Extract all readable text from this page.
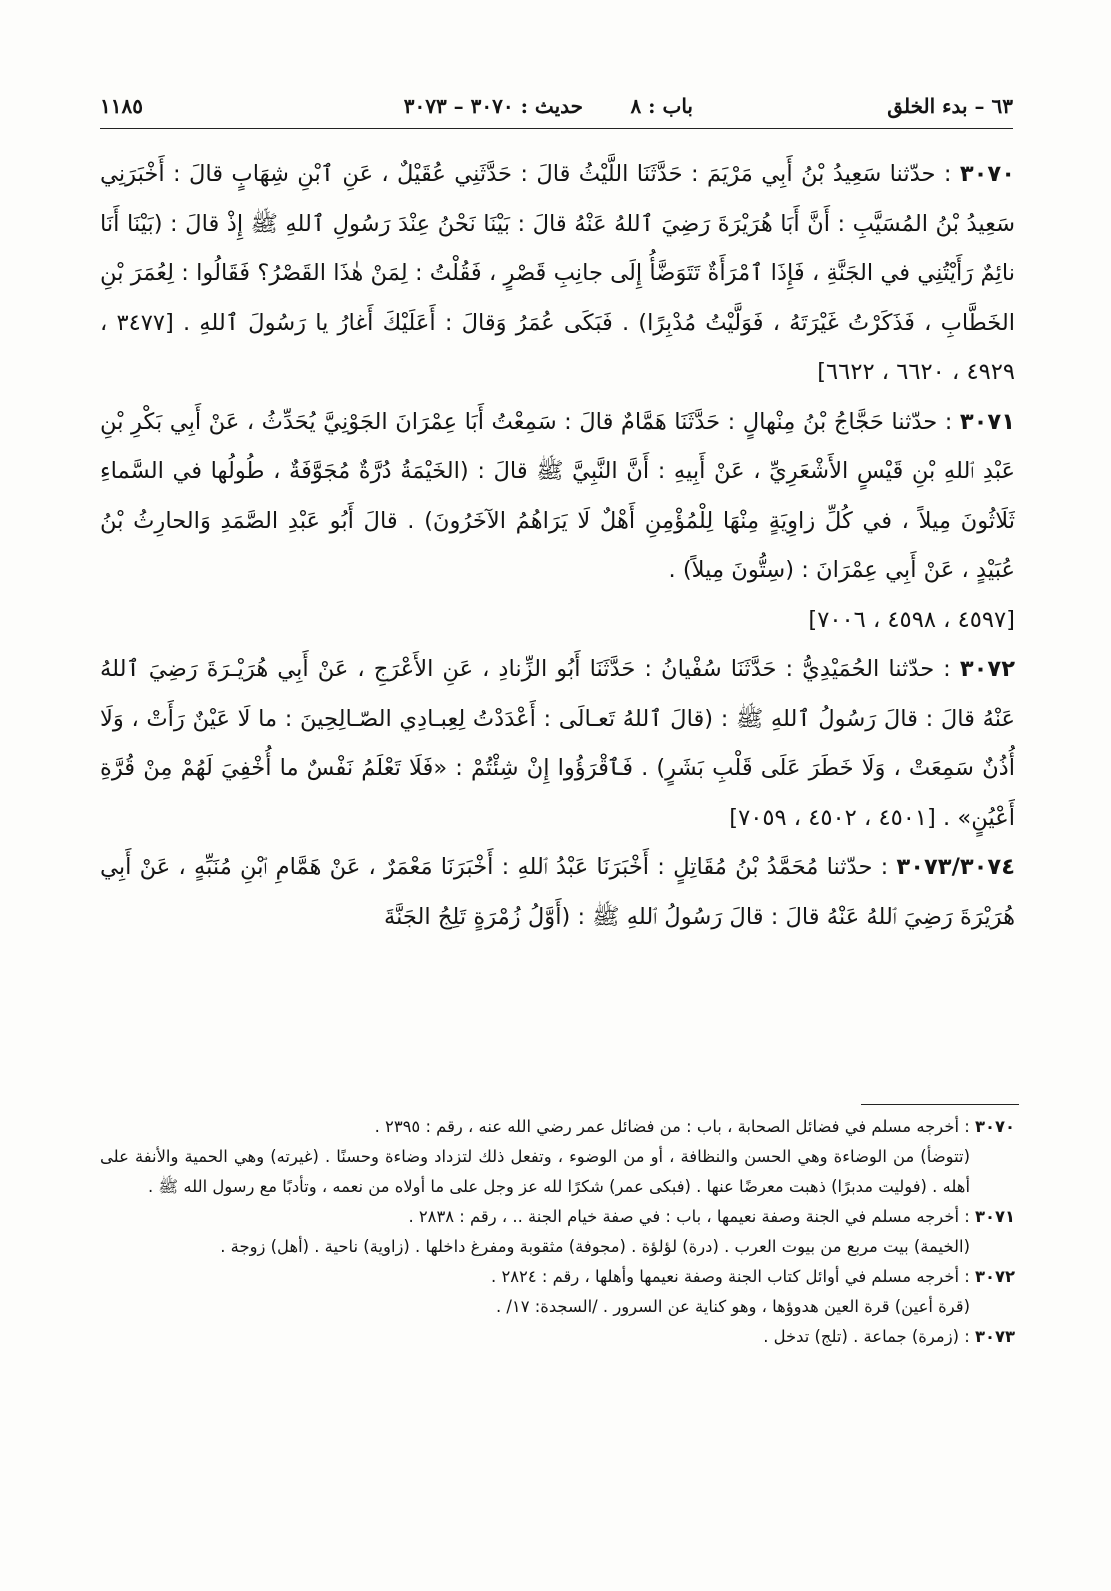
٦٣ – بدء الخلق
باب : ٨
حديث : ٣٠٧٠ – ٣٠٧٣
١١٨٥

٣٠٧٠ : حدّثنا سَعِيدُ بْنُ أَبِي مَرْيَمَ : حَدَّثَنَا اللَّيْثُ قالَ : حَدَّثَنِي عُقَيْلٌ ، عَنِ ٱبْنِ شِهَابٍ قالَ : أَخْبَرَنِي سَعِيدُ بْنُ المُسَيَّبِ : أَنَّ أَبَا هُرَيْرَةَ رَضِيَ ٱللهُ عَنْهُ قالَ : بَيْنَا نَحْنُ عِنْدَ رَسُولِ ٱللهِ ﷺ إِذْ قالَ : (بَيْنَا أَنَا نائِمٌ رَأَيْتُنِي في الجَنَّةِ ، فَإِذَا ٱمْرَأَةٌ تَتَوَضَّأُ إِلَى جانِبِ قَصْرٍ ، فَقُلْتُ : لِمَنْ هٰذَا القَصْرُ؟ فَقَالُوا : لِعُمَرَ بْنِ الخَطَّابِ ، فَذَكَرْتُ غَيْرَتَهُ ، فَوَلَّيْتُ مُدْبِرًا) . فَبَكَى عُمَرُ وَقالَ : أَعَلَيْكَ أَغارُ يا رَسُولَ ٱللهِ . [٣٤٧٧ ، ٤٩٢٩ ، ٦٦٢٠ ، ٦٦٢٢]

٣٠٧١ : حدّثنا حَجَّاجُ بْنُ مِنْهالٍ : حَدَّثَنَا هَمَّامٌ قالَ : سَمِعْتُ أَبَا عِمْرَانَ الجَوْنِيَّ يُحَدِّثُ ، عَنْ أَبِي بَكْرِ بْنِ عَبْدِ ٱللهِ بْنِ قَيْسٍ الأَشْعَرِيِّ ، عَنْ أَبِيهِ : أَنَّ النَّبِيَّ ﷺ قالَ : (الخَيْمَةُ دُرَّةٌ مُجَوَّفَةٌ ، طُولُها في السَّماءِ ثَلَاثُونَ مِيلاً ، في كُلِّ زاوِيَةٍ مِنْهَا لِلْمُؤْمِنِ أَهْلٌ لَا يَرَاهُمُ الآخَرُونَ) . قالَ أَبُو عَبْدِ الصَّمَدِ وَالحارِثُ بْنُ عُبَيْدٍ ، عَنْ أَبِي عِمْرَانَ : (سِتُّونَ مِيلاً) .

[٤٥٩٧ ، ٤٥٩٨ ، ٧٠٠٦]

٣٠٧٢ : حدّثنا الحُمَيْدِيُّ : حَدَّثَنَا سُفْيانُ : حَدَّثَنَا أَبُو الزِّنادِ ، عَنِ الأَعْرَجِ ، عَنْ أَبِي هُرَيْـرَةَ رَضِيَ ٱللهُ عَنْهُ قالَ : قالَ رَسُولُ ٱللهِ ﷺ : (قالَ ٱللهُ تَعـالَى : أَعْدَدْتُ لِعِبـادِي الصّـالِحِينَ : ما لَا عَيْنٌ رَأَتْ ، وَلَا أُذُنٌ سَمِعَتْ ، وَلَا خَطَرَ عَلَى قَلْبِ بَشَرٍ) . فَٱقْرَؤُوا إِنْ شِئْتُمْ : «فَلَا تَعْلَمُ نَفْسٌ ما أُخْفِيَ لَهُمْ مِنْ قُرَّةِ أَعْيُنٍ» . [٤٥٠١ ، ٤٥٠٢ ، ٧٠٥٩]

٣٠٧٣/٣٠٧٤ : حدّثنا مُحَمَّدُ بْنُ مُقَاتِلٍ : أَخْبَرَنَا عَبْدُ ٱللهِ : أَخْبَرَنَا مَعْمَرٌ ، عَنْ هَمَّامِ ٱبْنِ مُنَبِّهٍ ، عَنْ أَبِي هُرَيْرَةَ رَضِيَ ٱللهُ عَنْهُ قالَ : قالَ رَسُولُ ٱللهِ ﷺ : (أَوَّلُ زُمْرَةٍ تَلِجُ الجَنَّةَ

٣٠٧٠ : أخرجه مسلم في فضائل الصحابة ، باب : من فضائل عمر رضي الله عنه ، رقم : ٢٣٩٥ .

(تتوضأ) من الوضاءة وهي الحسن والنظافة ، أو من الوضوء ، وتفعل ذلك لتزداد وضاءة وحسنًا . (غيرته) وهي الحمية والأنفة على أهله . (فوليت مدبرًا) ذهبت معرضًا عنها . (فبكى عمر) شكرًا لله عز وجل على ما أولاه من نعمه ، وتأدبًا مع رسول الله ﷺ .

٣٠٧١ : أخرجه مسلم في الجنة وصفة نعيمها ، باب : في صفة خيام الجنة .. ، رقم : ٢٨٣٨ .

(الخيمة) بيت مربع من بيوت العرب . (درة) لؤلؤة . (مجوفة) مثقوبة ومفرغ داخلها . (زاوية) ناحية . (أهل) زوجة .

٣٠٧٢ : أخرجه مسلم في أوائل كتاب الجنة وصفة نعيمها وأهلها ، رقم : ٢٨٢٤ .

(قرة أعين) قرة العين هدوؤها ، وهو كناية عن السرور . /السجدة: ١٧/ .

٣٠٧٣ : (زمرة) جماعة . (تلج) تدخل .
